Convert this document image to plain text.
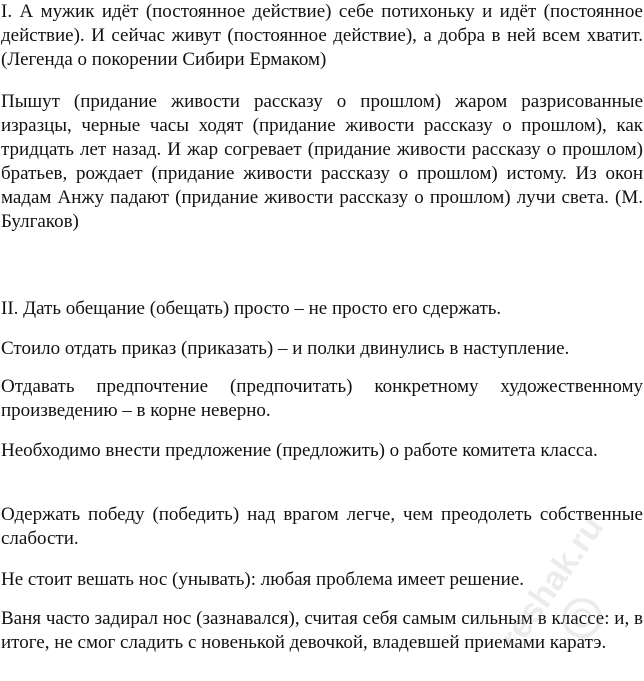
I. А мужик идёт (постоянное действие) себе потихоньку и идёт (постоянное действие). И сейчас живут (постоянное действие), а добра в ней всем хватит. (Легенда о покорении Сибири Ермаком)

Пышут (придание живости рассказу о прошлом) жаром разрисованные изразцы, черные часы ходят (придание живости рассказу о прошлом), как тридцать лет назад. И жар согревает (придание живости рассказу о прошлом) братьев, рождает (придание живости рассказу о прошлом) истому. Из окон мадам Анжу падают (придание живости рассказу о прошлом) лучи света. (М. Булгаков)

II. Дать обещание (обещать) просто – не просто его сдержать.

Стоило отдать приказ (приказать) – и полки двинулись в наступление.

Отдавать предпочтение (предпочитать) конкретному художественному произведению – в корне неверно.

Необходимо внести предложение (предложить) о работе комитета класса.

Одержать победу (победить) над врагом легче, чем преодолеть собственные слабости.

Не стоит вешать нос (унывать): любая проблема имеет решение.

Ваня часто задирал нос (зазнавался), считая себя самым сильным в классе: и, в итоге, не смог сладить с новенькой девочкой, владевшей приемами каратэ.

reshak.ru
